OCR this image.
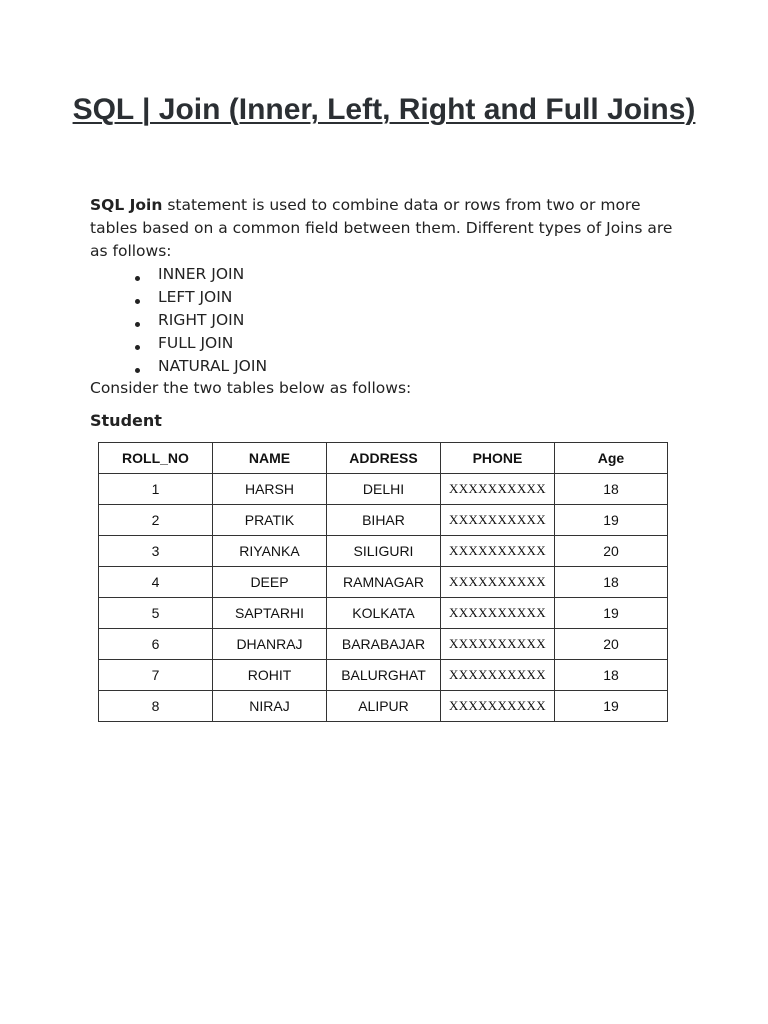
SQL | Join (Inner, Left, Right and Full Joins)

SQL Join statement is used to combine data or rows from two or more tables based on a common field between them. Different types of Joins are as follows:

INNER JOIN
LEFT JOIN
RIGHT JOIN
FULL JOIN
NATURAL JOIN

Consider the two tables below as follows:

Student
ROLL_NO	NAME	ADDRESS	PHONE	Age
1	HARSH	DELHI	XXXXXXXXXX	18
2	PRATIK	BIHAR	XXXXXXXXXX	19
3	RIYANKA	SILIGURI	XXXXXXXXXX	20
4	DEEP	RAMNAGAR	XXXXXXXXXX	18
5	SAPTARHI	KOLKATA	XXXXXXXXXX	19
6	DHANRAJ	BARABAJAR	XXXXXXXXXX	20
7	ROHIT	BALURGHAT	XXXXXXXXXX	18
8	NIRAJ	ALIPUR	XXXXXXXXXX	19
